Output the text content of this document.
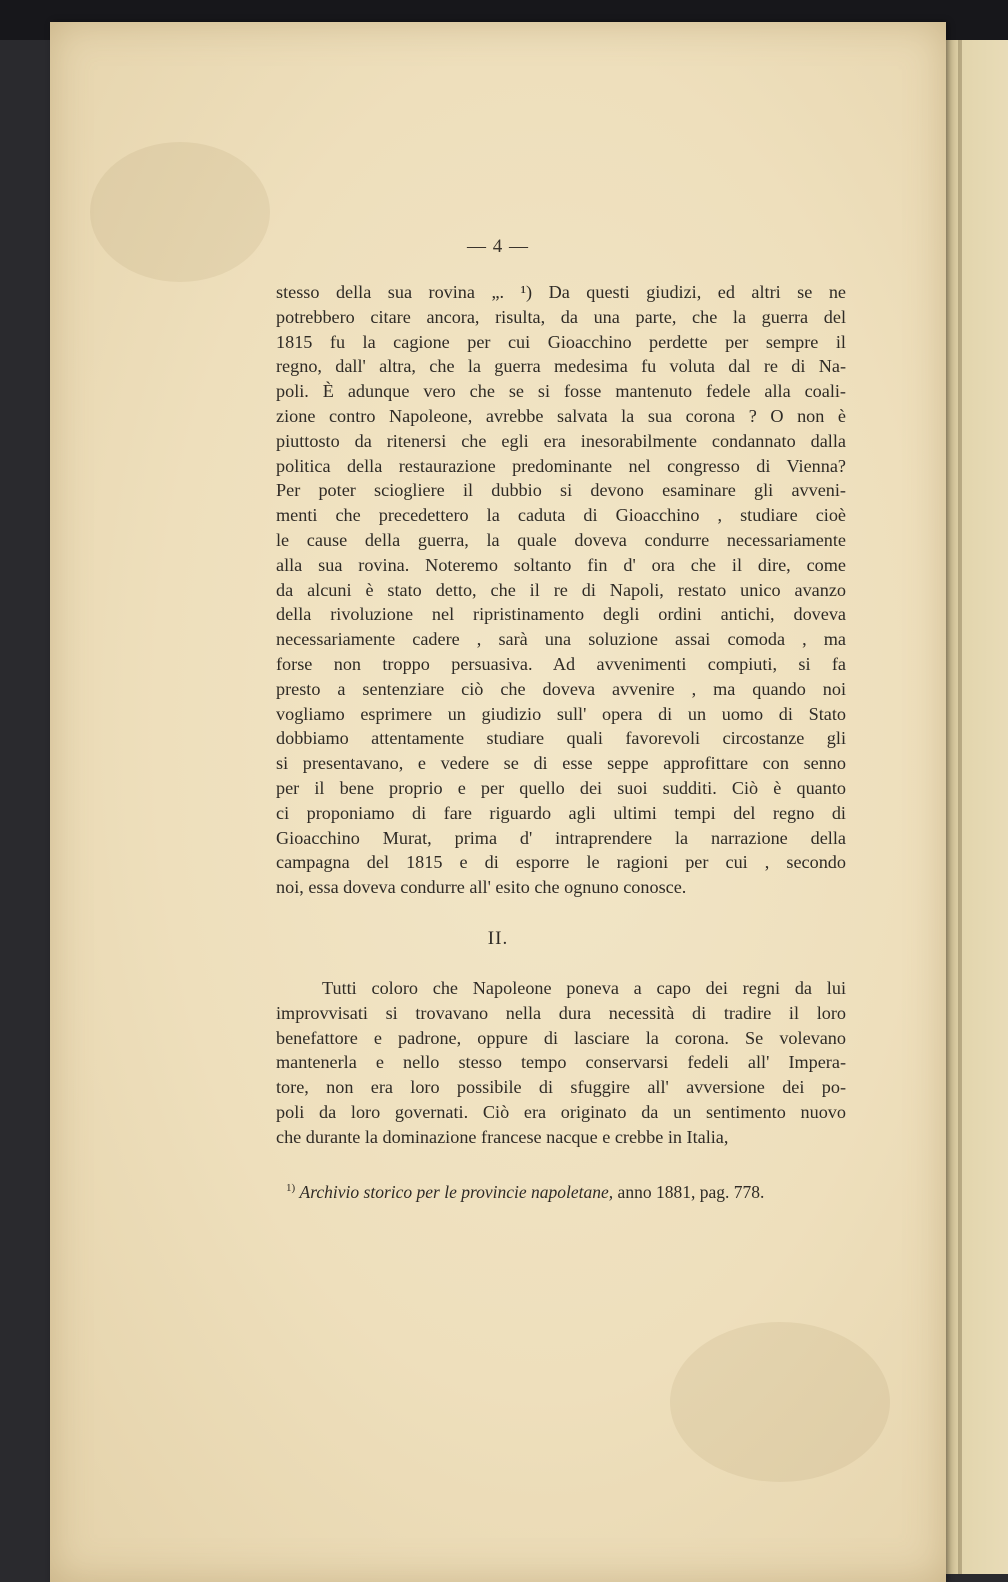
— 4 —
stesso della sua rovina „. ¹) Da questi giudizi, ed altri se ne
potrebbero citare ancora, risulta, da una parte, che la guerra del
1815 fu la cagione per cui Gioacchino perdette per sempre il
regno, dall' altra, che la guerra medesima fu voluta dal re di Na-
poli. È adunque vero che se si fosse mantenuto fedele alla coali-
zione contro Napoleone, avrebbe salvata la sua corona ? O non è
piuttosto da ritenersi che egli era inesorabilmente condannato dalla
politica della restaurazione predominante nel congresso di Vienna?
Per poter sciogliere il dubbio si devono esaminare gli avveni-
menti che precedettero la caduta di Gioacchino , studiare cioè
le cause della guerra, la quale doveva condurre necessariamente
alla sua rovina. Noteremo soltanto fin d' ora che il dire, come
da alcuni è stato detto, che il re di Napoli, restato unico avanzo
della rivoluzione nel ripristinamento degli ordini antichi, doveva
necessariamente cadere , sarà una soluzione assai comoda , ma
forse non troppo persuasiva. Ad avvenimenti compiuti, si fa
presto a sentenziare ciò che doveva avvenire , ma quando noi
vogliamo esprimere un giudizio sull' opera di un uomo di Stato
dobbiamo attentamente studiare quali favorevoli circostanze gli
si presentavano, e vedere se di esse seppe approfittare con senno
per il bene proprio e per quello dei suoi sudditi. Ciò è quanto
ci proponiamo di fare riguardo agli ultimi tempi del regno di
Gioacchino Murat, prima d' intraprendere la narrazione della
campagna del 1815 e di esporre le ragioni per cui , secondo
noi, essa doveva condurre all' esito che ognuno conosce.
II.
Tutti coloro che Napoleone poneva a capo dei regni da lui
improvvisati si trovavano nella dura necessità di tradire il loro
benefattore e padrone, oppure di lasciare la corona. Se volevano
mantenerla e nello stesso tempo conservarsi fedeli all' Impera-
tore, non era loro possibile di sfuggire all' avversione dei po-
poli da loro governati. Ciò era originato da un sentimento nuovo
che durante la dominazione francese nacque e crebbe in Italia,
$^{1)}$ Archivio storico per le provincie napoletane, anno 1881, pag. 778.
